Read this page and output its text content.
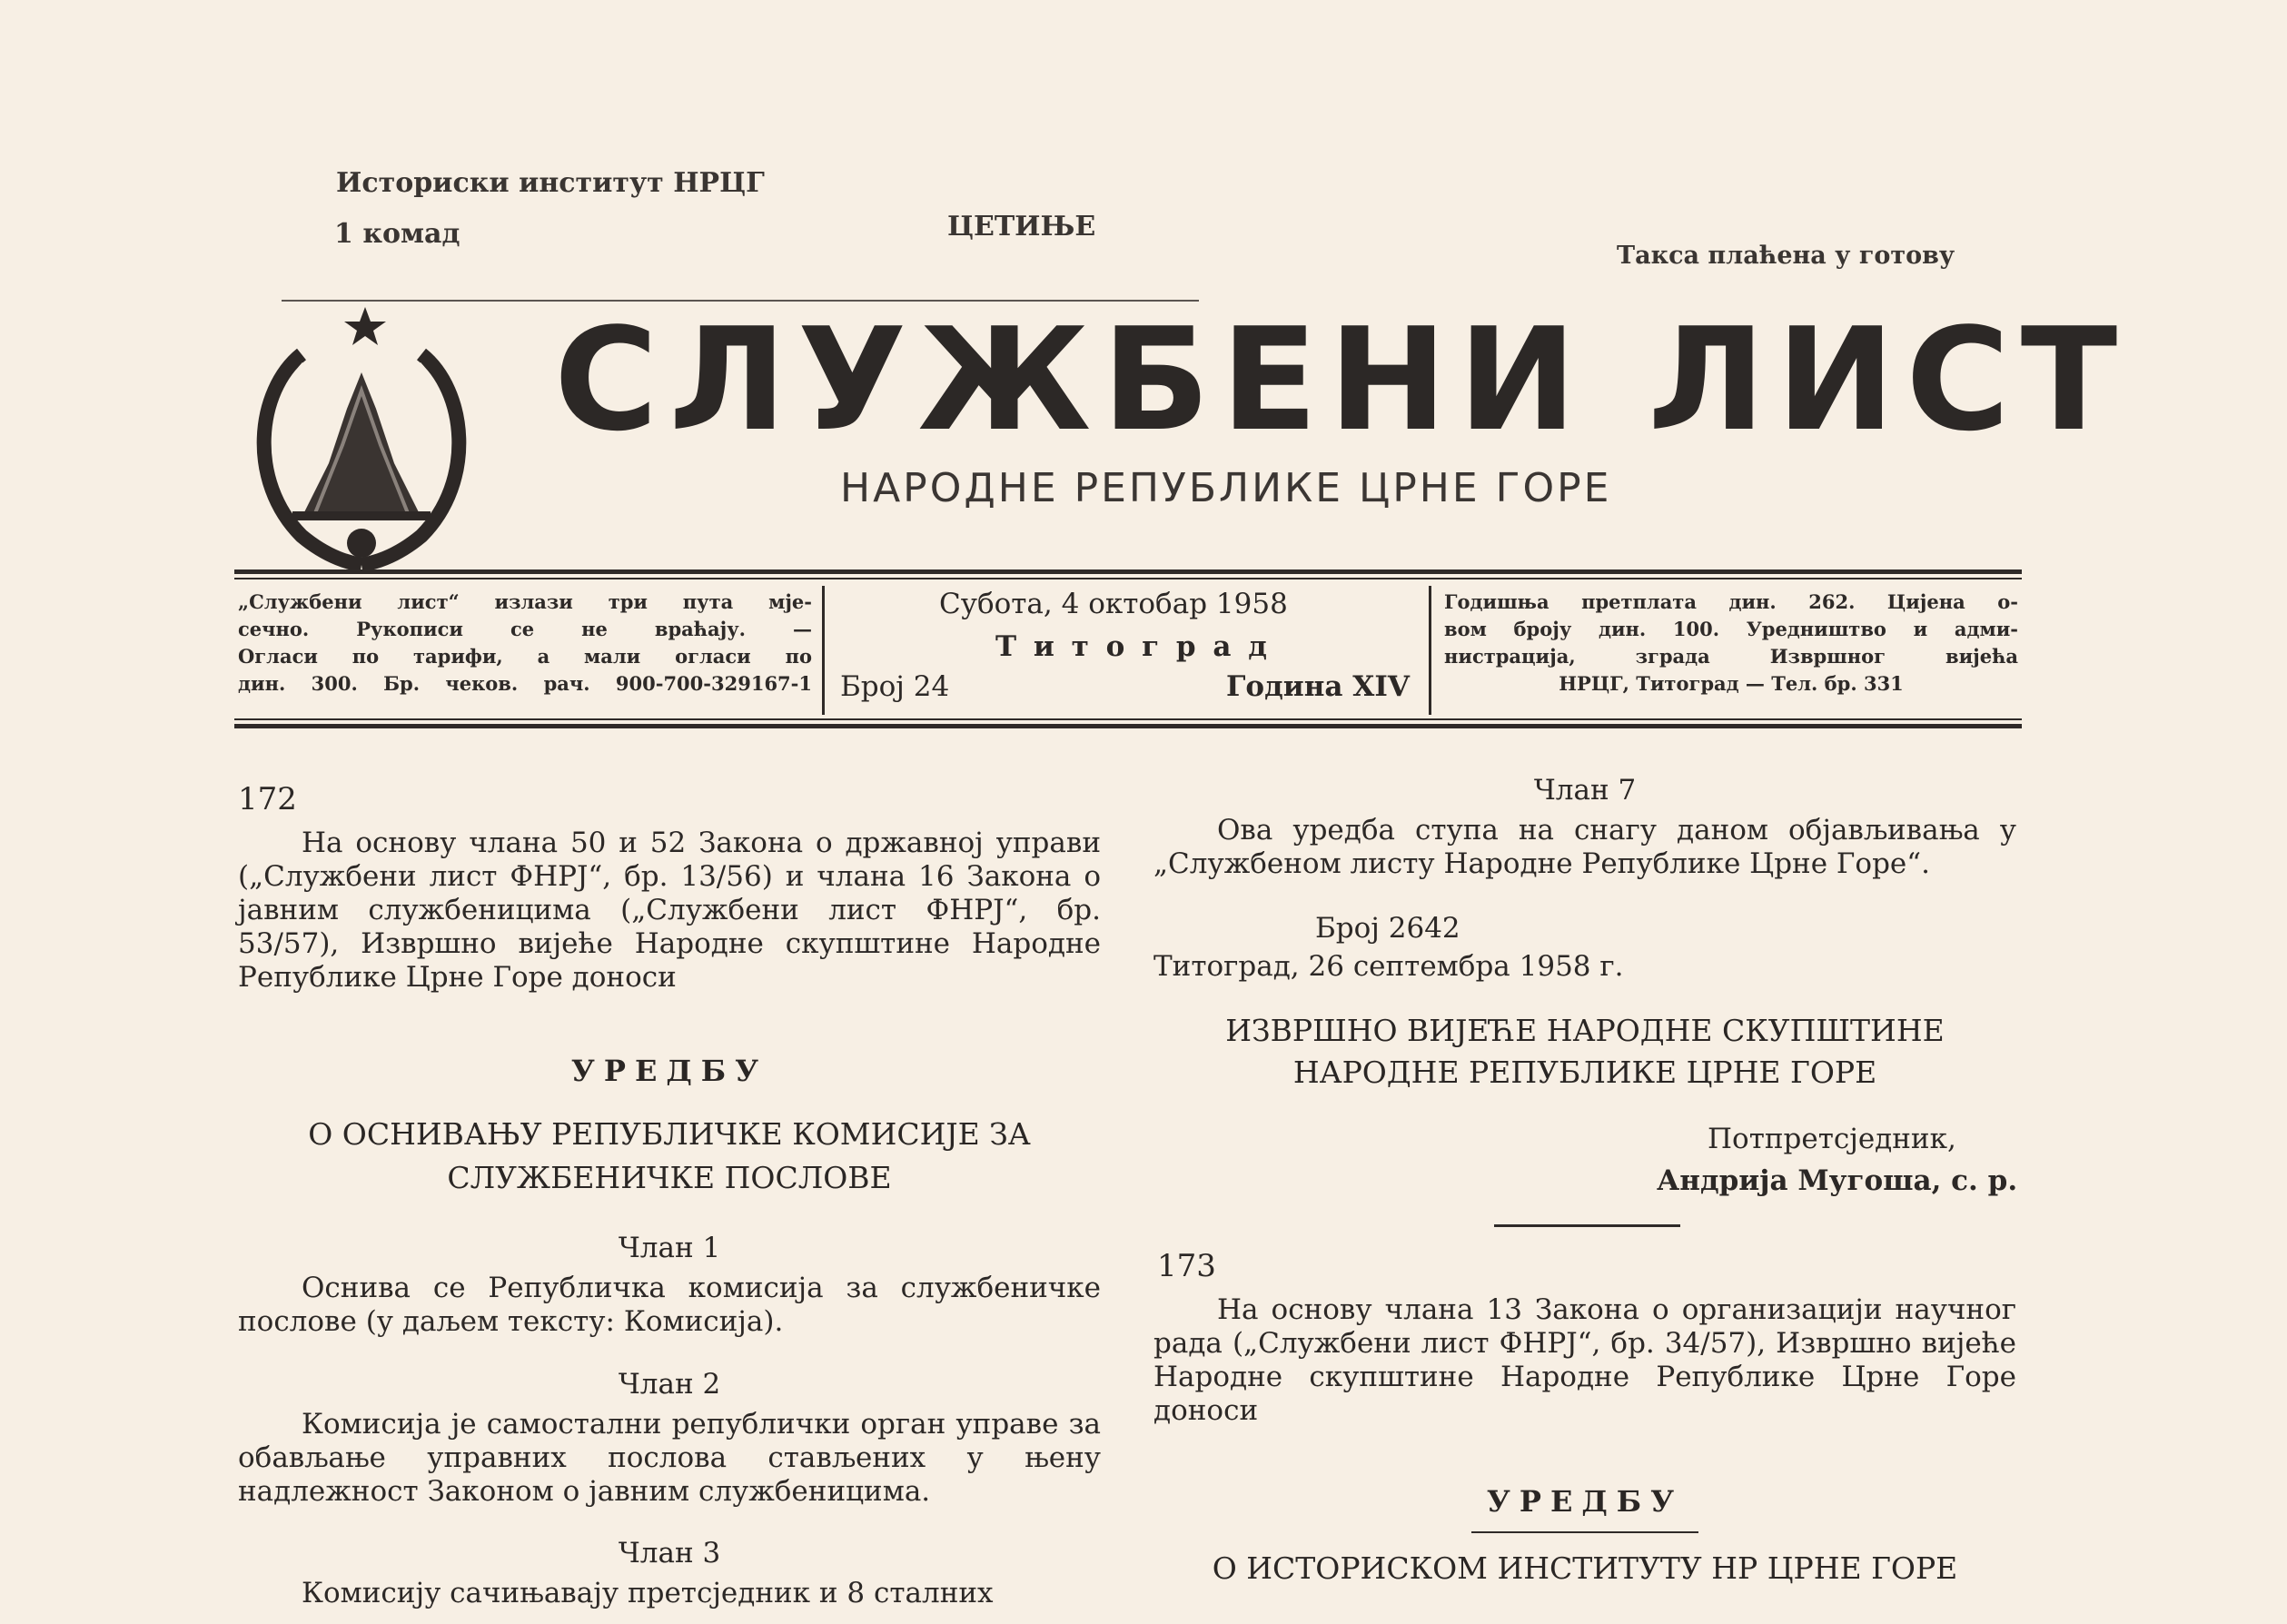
Историски институт НРЦГ
1 комад	ЦЕТИЊЕ
Такса плаћена у готову
СЛУЖБЕНИ ЛИСТ
НАРОДНЕ РЕПУБЛИКЕ ЦРНЕ ГОРЕ
„Службени лист“ излази три пута мје-
сечно. Рукописи се не враћају. —
Огласи по тарифи, а мали огласи по
дин. 300. Бр. чеков. рач. 900-700-329167-1
Субота, 4 октобар 1958
Т и т о г р а д
Број 24	Година XIV
Годишња претплата дин. 262. Цијена о-
вом броју дин. 100. Уредништво и адми-
нистрација, зграда Извршног вијећа
НРЦГ, Титоград — Тел. бр. 331
172
На основу члана 50 и 52 Закона о државној управи („Службени лист ФНРЈ“, бр. 13/56) и члана 16 Закона о јавним службеницима („Службени лист ФНРЈ“, бр. 53/57), Извршно вијеће Народне скупштине Народне Републике Црне Горе доноси
УРЕДБУ
О ОСНИВАЊУ РЕПУБЛИЧКЕ КОМИСИЈЕ ЗА
СЛУЖБЕНИЧКЕ ПОСЛОВЕ
Члан 1
Оснива се Републичка комисија за службеничке послове (у даљем тексту: Комисија).
Члан 2
Комисија је самостални републички орган управе за обављање управних послова стављених у њену надлежност Законом о јавним службеницима.
Члан 3
Комисију сачињавају претсједник и 8 сталних
Члан 7
Ова уредба ступа на снагу даном објављивања у „Службеном листу Народне Републике Црне Горе“.
Број 2642
Титоград, 26 септембра 1958 г.
ИЗВРШНО ВИЈЕЋЕ НАРОДНЕ СКУПШТИНЕ
НАРОДНЕ РЕПУБЛИКЕ ЦРНЕ ГОРЕ
Потпретсједник,
Андрија Мугоша, с. р.
173
На основу члана 13 Закона о организацији научног рада („Службени лист ФНРЈ“, бр. 34/57), Извршно вијеће Народне скупштине Народне Републике Црне Горе доноси
УРЕДБУ
О ИСТОРИСКОМ ИНСТИТУТУ НР ЦРНЕ ГОРЕ
